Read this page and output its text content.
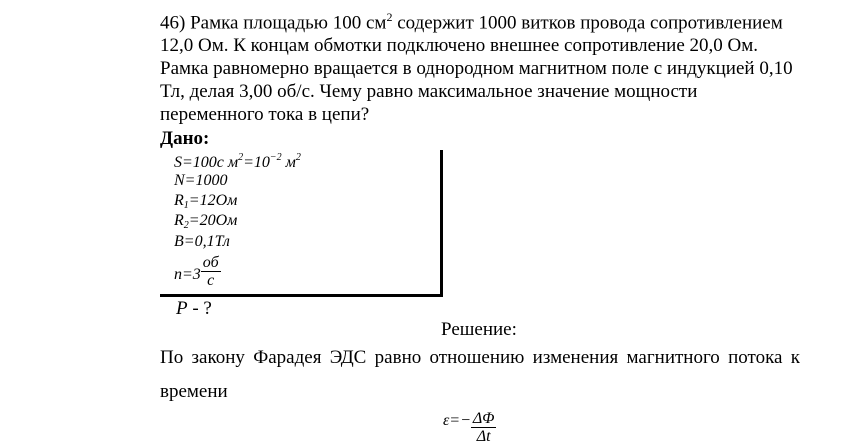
46) Рамка площадью 100 $см^2$ содержит 1000 витков провода сопротивлением 12,0 Ом. К концам обмотки подключено внешнее сопротивление 20,0 Ом. Рамка равномерно вращается в однородном магнитном поле с индукцией 0,10 Тл, делая 3,00 об/с. Чему равно максимальное значение мощности переменного тока в цепи?

Дано:
S=100с $м^2=10^{-2}$ $м^2$
N=1000
$R_1=12Ом$
$R_2=20Ом$
B=0,1Тл
$n=3 \frac{об}{с}$
P - ?
Решение:

По закону Фарадея ЭДС равно отношению изменения магнитного потока к времени

$\varepsilon=- \frac{\Delta\Phi}{\Delta t}$
